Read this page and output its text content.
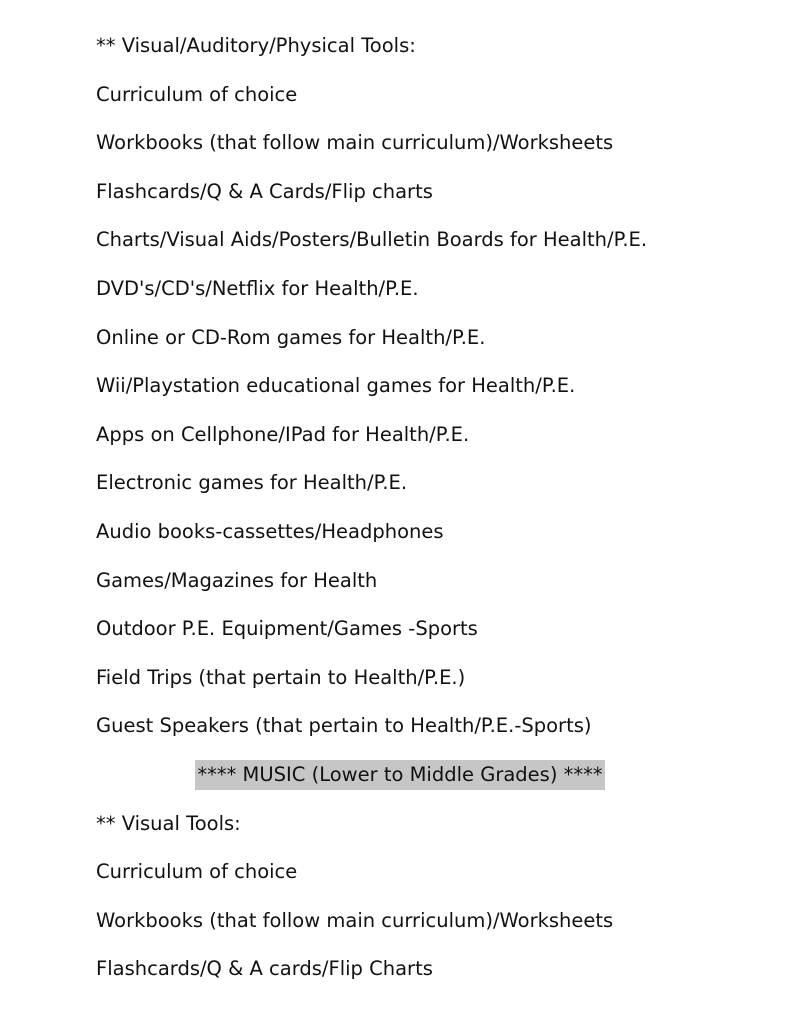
** Visual/Auditory/Physical Tools:
Curriculum of choice
Workbooks (that follow main curriculum)/Worksheets
Flashcards/Q & A Cards/Flip charts
Charts/Visual Aids/Posters/Bulletin Boards for Health/P.E.
DVD's/CD's/Netflix for Health/P.E.
Online or CD-Rom games for Health/P.E.
Wii/Playstation educational games for Health/P.E.
Apps on Cellphone/IPad for Health/P.E.
Electronic games for Health/P.E.
Audio books-cassettes/Headphones
Games/Magazines for Health
Outdoor P.E. Equipment/Games -Sports
Field Trips (that pertain to Health/P.E.)
Guest Speakers (that pertain to Health/P.E.-Sports)
**** MUSIC (Lower to Middle Grades) ****
** Visual Tools:
Curriculum of choice
Workbooks (that follow main curriculum)/Worksheets
Flashcards/Q & A cards/Flip Charts
